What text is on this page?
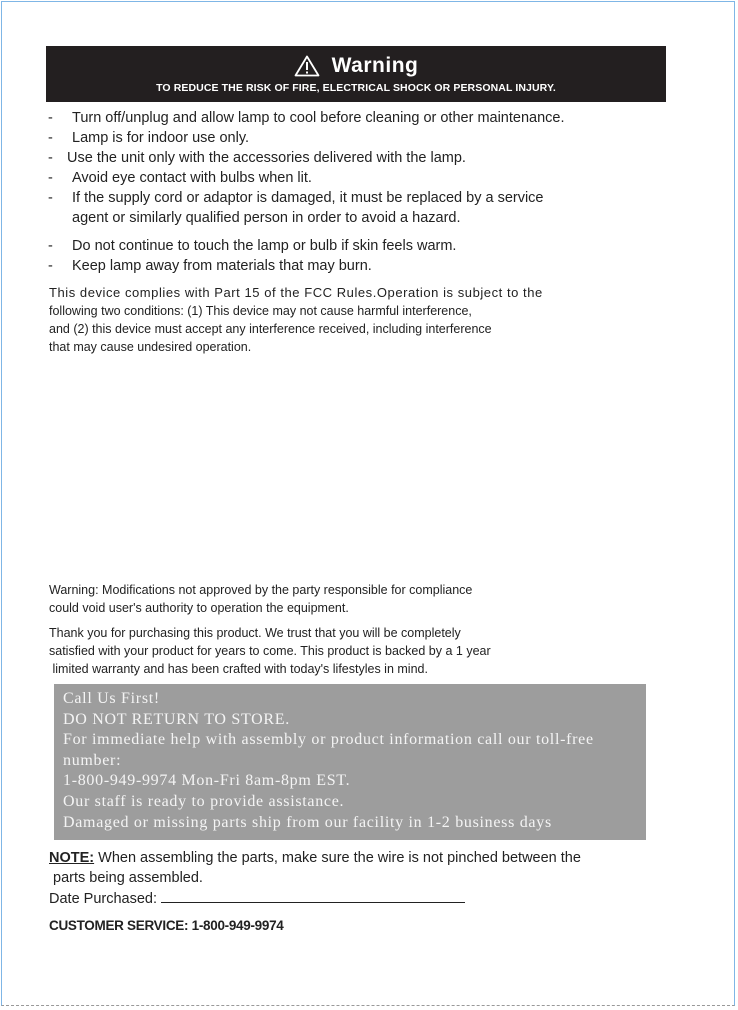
Warning
TO REDUCE THE RISK OF FIRE, ELECTRICAL SHOCK OR PERSONAL INJURY.
- Turn off/unplug and allow lamp to cool before cleaning or other maintenance.
- Lamp is for indoor use only.
- Use the unit only with the accessories delivered with the lamp.
- Avoid eye contact with bulbs when lit.
- If the supply cord or adaptor is damaged, it must be replaced by a service
agent or similarly qualified person in order to avoid a hazard.
- Do not continue to touch the lamp or bulb if skin feels warm.
- Keep lamp away from materials that may burn.
This device complies with Part 15 of the FCC Rules.Operation is subject to the
following two conditions: (1) This device may not cause harmful interference,
and (2) this device must accept any interference received, including interference
that may cause undesired operation.
Warning: Modifications not approved by the party responsible for compliance
could void user's authority to operation the equipment.
Thank you for purchasing this product. We trust that you will be completely
satisfied with your product for years to come. This product is backed by a 1 year
limited warranty and has been crafted with today's lifestyles in mind.
Call Us First!
DO NOT RETURN TO STORE.
For immediate help with assembly or product information call our toll-free
number:
1-800-949-9974 Mon-Fri 8am-8pm EST.
Our staff is ready to provide assistance.
Damaged or missing parts ship from our facility in 1-2 business days
NOTE: When assembling the parts, make sure the wire is not pinched between the
parts being assembled.
Date Purchased:
CUSTOMER SERVICE: 1-800-949-9974
